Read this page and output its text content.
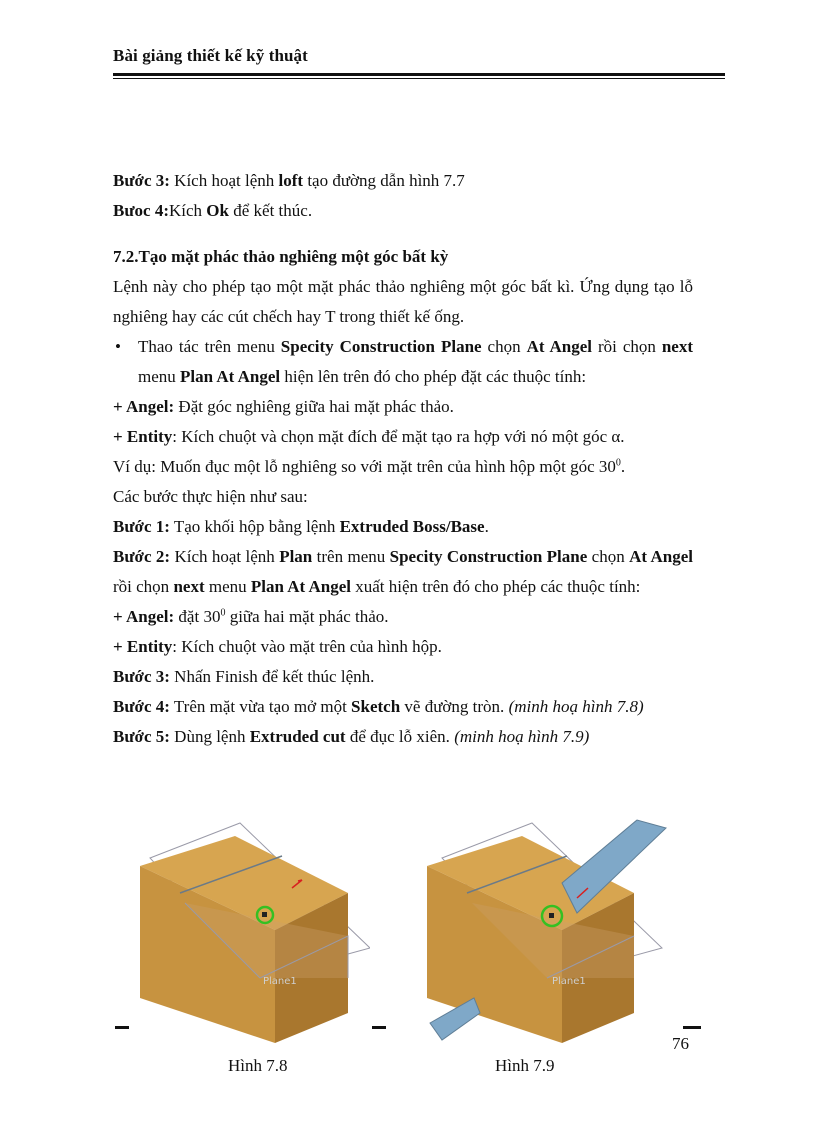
Bài giảng thiết kế kỹ thuật

Bước 3: Kích hoạt lệnh loft tạo đường dẫn hình 7.7

Bưoc 4:Kích Ok để kết thúc.

7.2.Tạo mặt phác thảo nghiêng một góc bất kỳ

Lệnh này cho phép tạo một mặt phác thảo nghiêng một góc bất kì. Ứng dụng tạo lỗ nghiêng hay các cút chếch hay T trong thiết kế ống.

•	Thao tác trên menu Specity Construction Plane chọn At Angel rồi chọn next menu Plan At Angel hiện lên trên đó cho phép đặt các thuộc tính:

+ Angel: Đặt góc nghiêng giữa hai mặt phác thảo.

+ Entity: Kích chuột và chọn mặt đích để mặt tạo ra hợp với nó một góc α.

Ví dụ: Muốn đục một lỗ nghiêng so với mặt trên của hình hộp một góc $30^0$.

Các bước thực hiện như sau:

Bước 1: Tạo khối hộp bằng lệnh Extruded Boss/Base.

Bước 2: Kích hoạt lệnh Plan trên menu Specity Construction Plane chọn At Angel rồi chọn next menu Plan At Angel xuất hiện trên đó cho phép các thuộc tính:

+ Angel: đặt $30^0$ giữa hai mặt phác thảo.

+ Entity: Kích chuột vào mặt trên của hình hộp.

Bước 3: Nhấn Finish để kết thúc lệnh.

Bước 4: Trên mặt vừa tạo mở một Sketch vẽ đường tròn. (minh hoạ hình 7.8)

Bước 5: Dùng lệnh Extruded cut để đục lỗ xiên. (minh hoạ hình 7.9)

Plane1	Plane1
76
Hình 7.8	Hình 7.9
